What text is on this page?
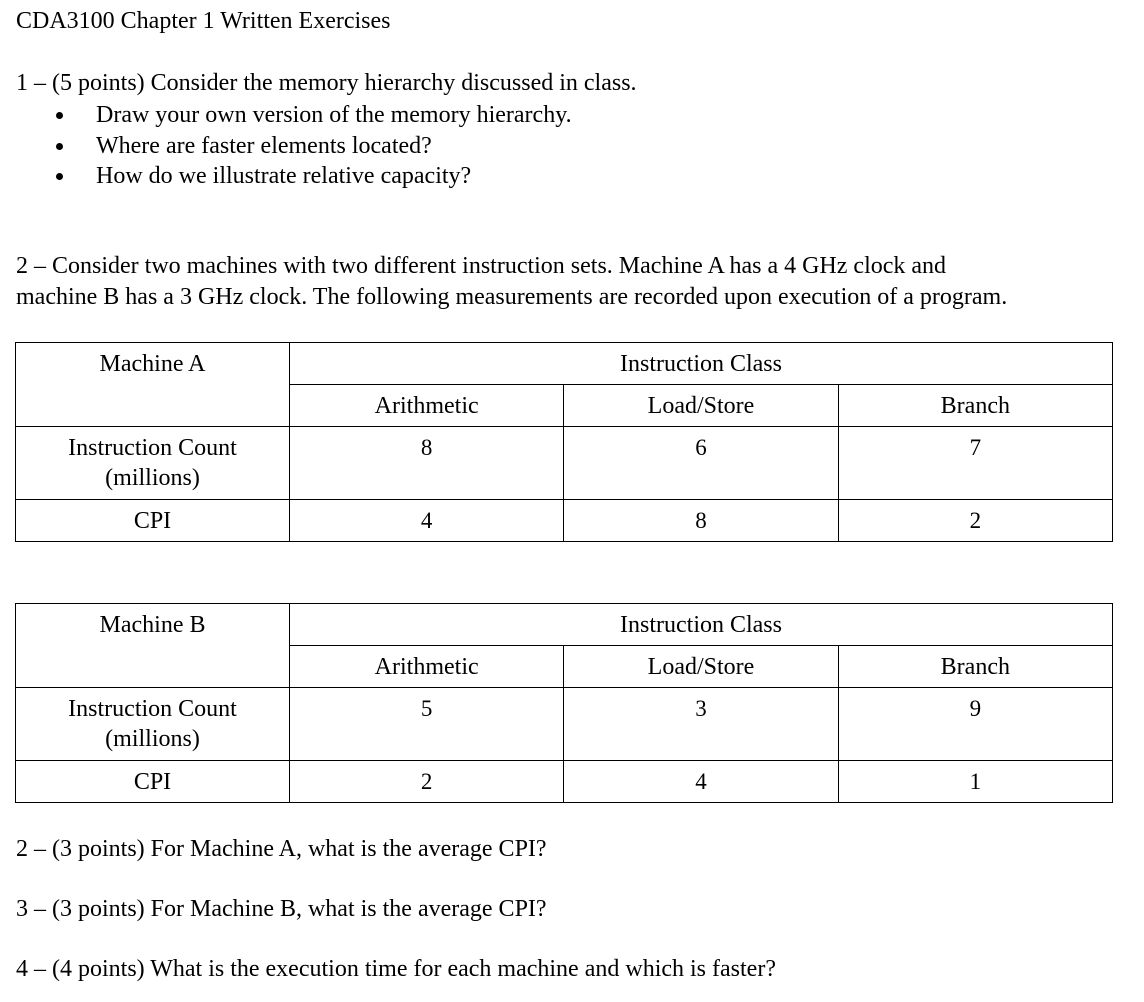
CDA3100 Chapter 1 Written Exercises
1 – (5 points) Consider the memory hierarchy discussed in class.
Draw your own version of the memory hierarchy.
Where are faster elements located?
How do we illustrate relative capacity?
2 – Consider two machines with two different instruction sets. Machine A has a 4 GHz clock and
machine B has a 3 GHz clock. The following measurements are recorded upon execution of a program.
Machine A	Instruction Class		
	Arithmetic	Load/Store	Branch

Instruction Count
(millions)	8	6	7
CPI	4	8	2
Machine B	Instruction Class		
	Arithmetic	Load/Store	Branch

Instruction Count
(millions)	5	3	9
CPI	2	4	1
2 – (3 points) For Machine A, what is the average CPI?
3 – (3 points) For Machine B, what is the average CPI?
4 – (4 points) What is the execution time for each machine and which is faster?
